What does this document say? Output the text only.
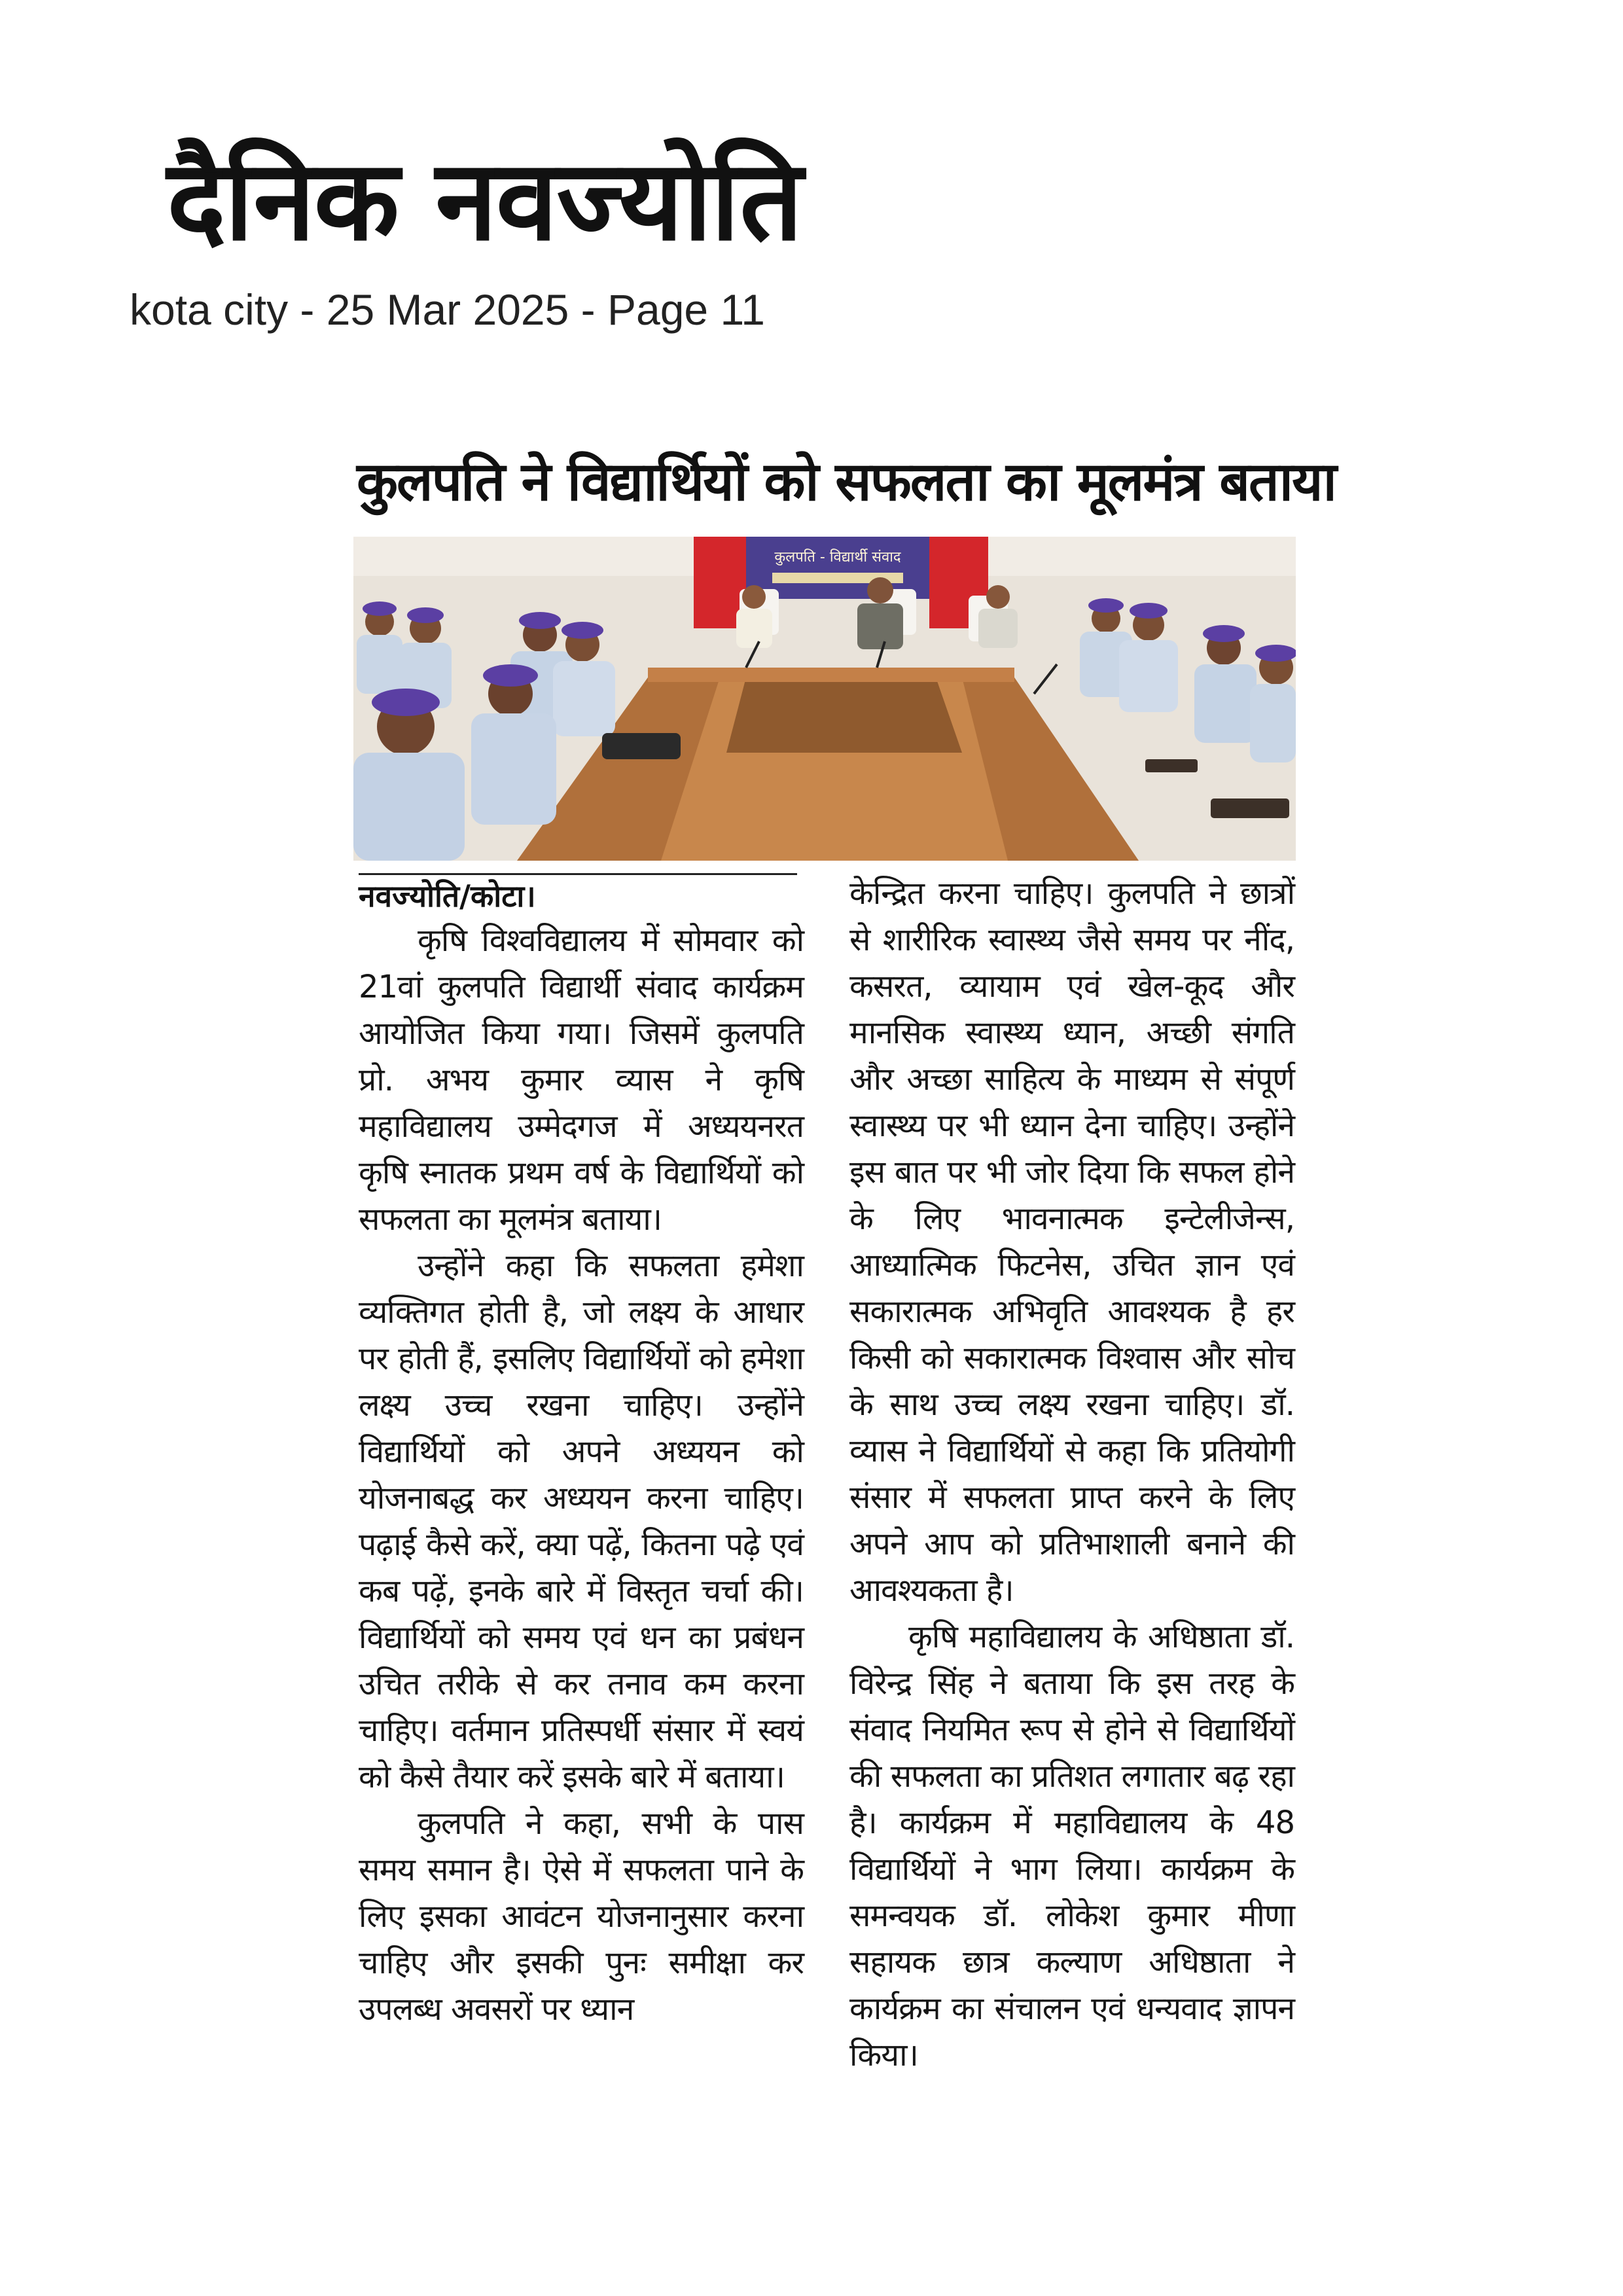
दैनिक नवज्योति
kota city - 25 Mar 2025 - Page 11
कुलपति ने विद्यार्थियों को सफलता का मूलमंत्र बताया
कुलपति - विद्यार्थी संवाद
नवज्योति/कोटा।

कृषि विश्वविद्यालय में सोमवार को 21वां कुलपति विद्यार्थी संवाद कार्यक्रम आयोजित किया गया। जिसमें कुलपति प्रो. अभय कुमार व्यास ने कृषि महाविद्यालय उम्मेदगज में अध्ययनरत कृषि स्नातक प्रथम वर्ष के विद्यार्थियों को सफलता का मूलमंत्र बताया।

उन्होंने कहा कि सफलता हमेशा व्यक्तिगत होती है, जो लक्ष्य के आधार पर होती हैं, इसलिए विद्यार्थियों को हमेशा लक्ष्य उच्च रखना चाहिए। उन्होंने विद्यार्थियों को अपने अध्ययन को योजनाबद्ध कर अध्ययन करना चाहिए। पढ़ाई कैसे करें, क्या पढ़ें, कितना पढ़े एवं कब पढ़ें, इनके बारे में विस्तृत चर्चा की। विद्यार्थियों को समय एवं धन का प्रबंधन उचित तरीके से कर तनाव कम करना चाहिए। वर्तमान प्रतिस्पर्धी संसार में स्वयं को कैसे तैयार करें इसके बारे में बताया।

कुलपति ने कहा, सभी के पास समय समान है। ऐसे में सफलता पाने के लिए इसका आवंटन योजनानुसार करना चाहिए और इसकी पुनः समीक्षा कर उपलब्ध अवसरों पर ध्यान

केन्द्रित करना चाहिए। कुलपति ने छात्रों से शारीरिक स्वास्थ्य जैसे समय पर नींद, कसरत, व्यायाम एवं खेल-कूद और मानसिक स्वास्थ्य ध्यान, अच्छी संगति और अच्छा साहित्य के माध्यम से संपूर्ण स्वास्थ्य पर भी ध्यान देना चाहिए। उन्होंने इस बात पर भी जोर दिया कि सफल होने के लिए भावनात्मक इन्टेलीजेन्स, आध्यात्मिक फिटनेस, उचित ज्ञान एवं सकारात्मक अभिवृति आवश्यक है हर किसी को सकारात्मक विश्वास और सोच के साथ उच्च लक्ष्य रखना चाहिए। डॉ. व्यास ने विद्यार्थियों से कहा कि प्रतियोगी संसार में सफलता प्राप्त करने के लिए अपने आप को प्रतिभाशाली बनाने की आवश्यकता है।

कृषि महाविद्यालय के अधिष्ठाता डॉ. विरेन्द्र सिंह ने बताया कि इस तरह के संवाद नियमित रूप से होने से विद्यार्थियों की सफलता का प्रतिशत लगातार बढ़ रहा है। कार्यक्रम में महाविद्यालय के 48 विद्यार्थियों ने भाग लिया। कार्यक्रम के समन्वयक डॉ. लोकेश कुमार मीणा सहायक छात्र कल्याण अधिष्ठाता ने कार्यक्रम का संचालन एवं धन्यवाद ज्ञापन किया।
